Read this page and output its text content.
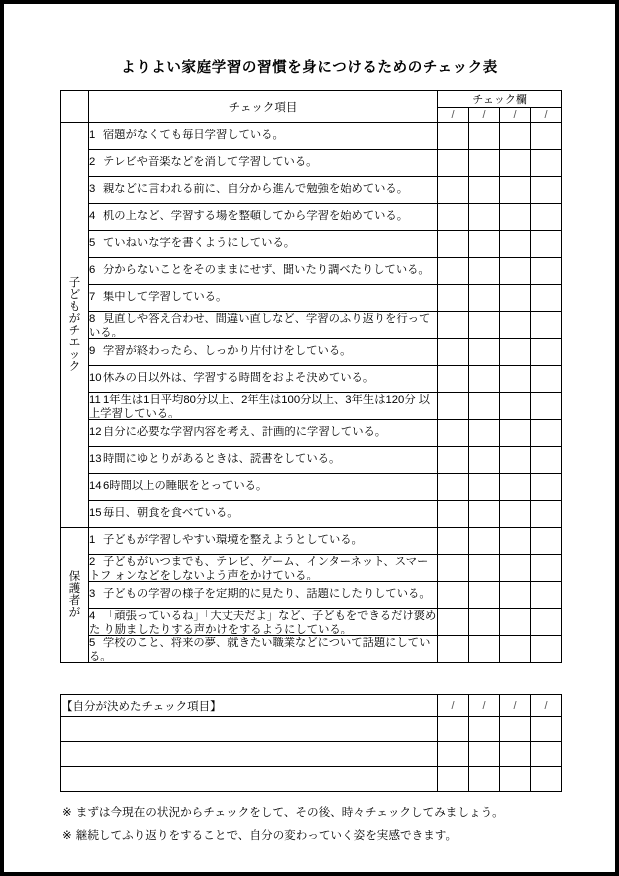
よりよい家庭学習の習慣を身につけるためのチェック表
	チェック項目	チェック欄			
		/	/	/	/

子
ど
も
が
チ
エ
ッ
ク

1 宿題がなくても毎日学習している。

	2 テレビや音楽などを消して学習している。				

	3 親などに言われる前に、自分から進んで勉強を始めている。				

	4 机の上など、学習する場を整頓してから学習を始めている。				

	5 ていねいな字を書くようにしている。				

	6 分からないことをそのままにせず、聞いたり調べたりしている。				

	7 集中して学習している。				

	8 見直しや答え合わせ、間違い直しなど、学習のふり返りを行って いる。				

	9 学習が終わったら、しっかり片付けをしている。				

	10休みの日以外は、学習する時間をおよそ決めている。				

	11 1年生は1日平均80分以上、2年生は100分以上、3年生は120分 以上学習している。				

	12自分に必要な学習内容を考え、計画的に学習している。				

	13時間にゆとりがあるときは、読書をしている。				

	146時間以上の睡眠をとっている。				

	15毎日、朝食を食べている。				

保
護
者
が	1 子どもが学習しやすい環境を整えようとしている。				

	2 子どもがいつまでも、テレビ、ゲーム、インターネット、スマートフ ォンなどをしないよう声をかけている。				

	3 子どもの学習の様子を定期的に見たり、話題にしたりしている。				

	4 「頑張っているね」「大丈夫だよ」など、子どもをできるだけ褒めた り励ましたりする声かけをするようにしている。				

	5 学校のこと、将来の夢、就きたい職業などについて話題にしてい る。				

【自分が決めたチェック項目】	/	/	/	/

※ まずは今現在の状況からチェックをして、その後、時々チェックしてみましょう。
※ 継続してふり返りをすることで、自分の変わっていく姿を実感できます。
